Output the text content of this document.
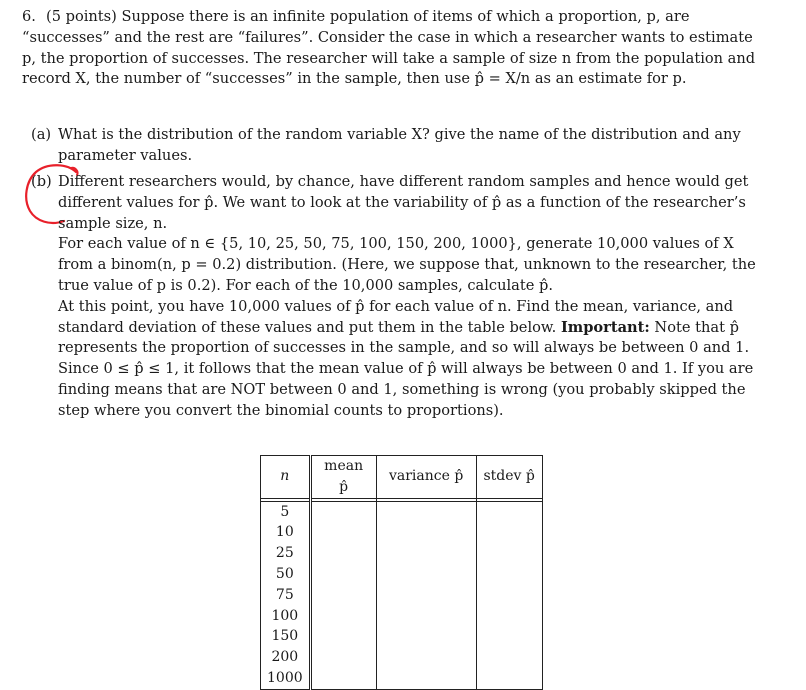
6. (5 points) Suppose there is an infinite population of items of which a proportion, p, are “successes” and the rest are “failures”. Consider the case in which a researcher wants to estimate p, the proportion of successes. The researcher will take a sample of size n from the population and record X, the number of “successes” in the sample, then use p̂ = X/n as an estimate for p.
(a) What is the distribution of the random variable X? give the name of the distribution and any parameter values.
(b) Different researchers would, by chance, have different random samples and hence would get different values for p̂. We want to look at the variability of p̂ as a function of the researcher’s sample size, n.
For each value of n ∈ {5, 10, 25, 50, 75, 100, 150, 200, 1000}, generate 10,000 values of X from a binom(n, p = 0.2) distribution. (Here, we suppose that, unknown to the researcher, the true value of p is 0.2). For each of the 10,000 samples, calculate p̂.
At this point, you have 10,000 values of p̂ for each value of n. Find the mean, variance, and standard deviation of these values and put them in the table below. Important: Note that p̂ represents the proportion of successes in the sample, and so will always be between 0 and 1. Since 0 ≤ p̂ ≤ 1, it follows that the mean value of p̂ will always be between 0 and 1. If you are finding means that are NOT between 0 and 1, something is wrong (you probably skipped the step where you convert the binomial counts to proportions).
n	mean p̂	variance p̂	stdev p̂

5			
10			
25			
50			
75			
100			
150			
200			
1000			
